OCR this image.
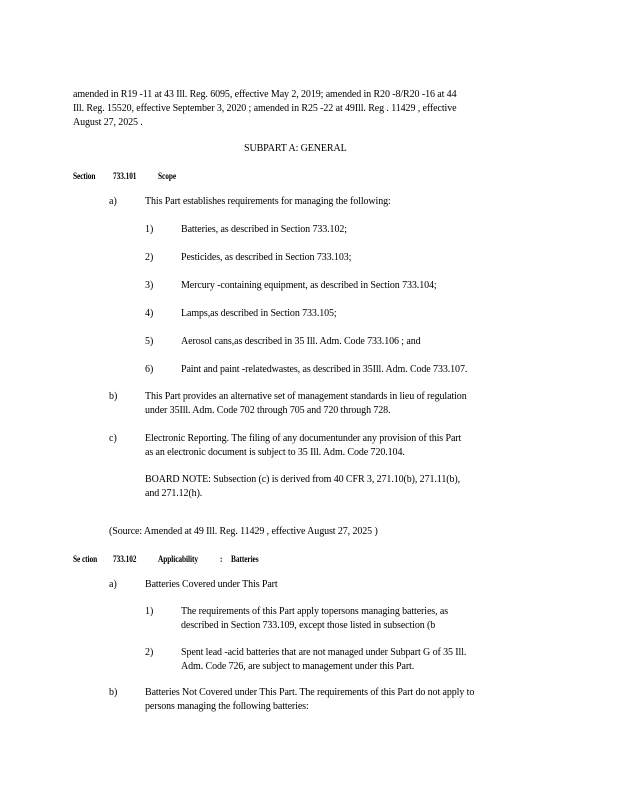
amended in R19 -11 at 43 Ill. Reg. 6095, effective May 2, 2019; amended in R20 -8/R20 -16 at 44
Ill. Reg. 15520, effective September 3, 2020 ; amended in R25 -22 at 49Ill. Reg . 11429 , effective
August 27, 2025 .
SUBPART A: GENERAL
Section 733.101 Scope
a)	This Part establishes requirements for managing the following:
1)	Batteries, as described in Section 733.102;
2)	Pesticides, as described in Section 733.103;
3)	Mercury -containing equipment, as described in Section 733.104;
4)	Lamps,as described in Section 733.105;
5)	Aerosol cans,as described in 35 Ill. Adm. Code 733.106 ; and
6)	Paint and paint -relatedwastes, as described in 35Ill. Adm. Code 733.107.
b)	This Part provides an alternative set of management standards in lieu of regulation
under 35Ill. Adm. Code 702 through 705 and 720 through 728.
c)	Electronic Reporting. The filing of any documentunder any provision of this Part
as an electronic document is subject to 35 Ill. Adm. Code 720.104.
BOARD NOTE: Subsection (c) is derived from 40 CFR 3, 271.10(b), 271.11(b),
and 271.12(h).
(Source: Amended at 49 Ill. Reg. 11429 , effective August 27, 2025 )
Se ction 733.102 Applicability : Batteries
a)	Batteries Covered under This Part
1)	The requirements of this Part apply topersons managing batteries, as
described in Section 733.109, except those listed in subsection (b
2)	Spent lead -acid batteries that are not managed under Subpart G of 35 Ill.
Adm. Code 726, are subject to management under this Part.
b)	Batteries Not Covered under This Part. The requirements of this Part do not apply to
persons managing the following batteries:
